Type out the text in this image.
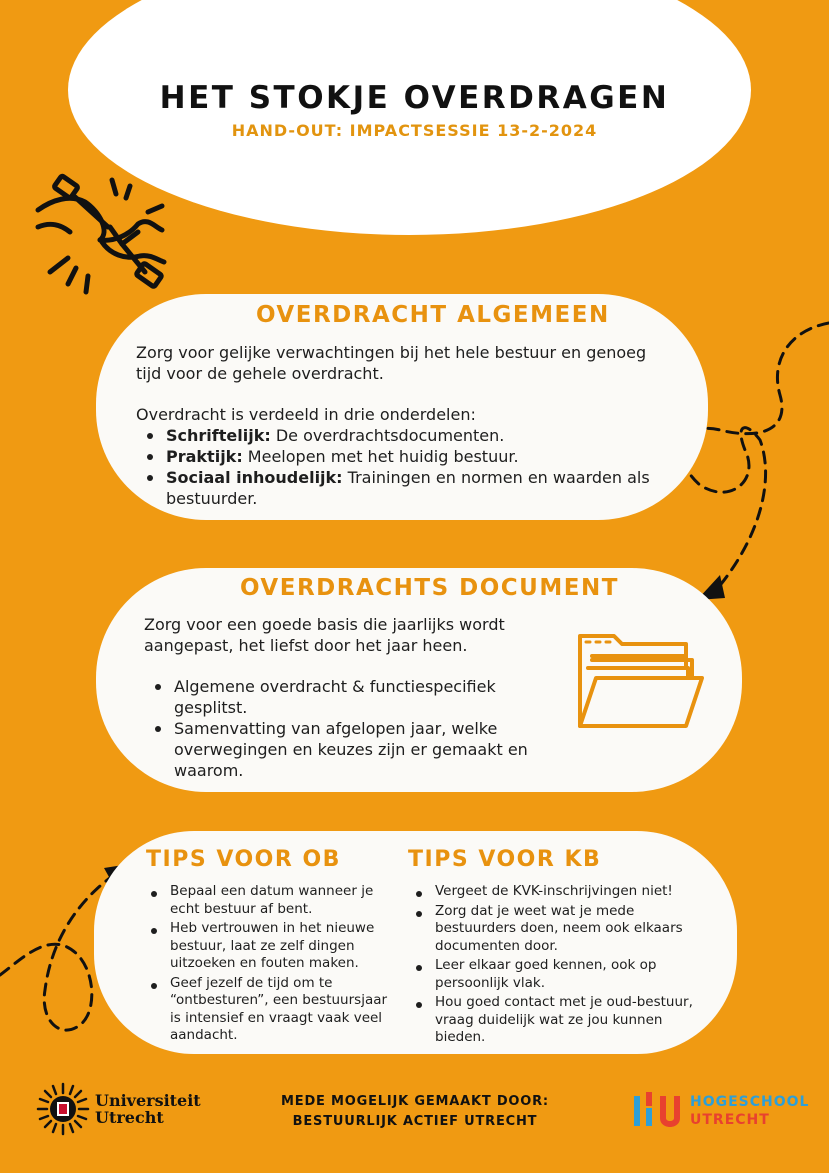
HET STOKJE OVERDRAGEN
HAND-OUT: IMPACTSESSIE 13-2-2024
OVERDRACHT ALGEMEEN
Zorg voor gelijke verwachtingen bij het hele bestuur en genoeg tijd voor de gehele overdracht.
Overdracht is verdeeld in drie onderdelen:
Schriftelijk: De overdrachtsdocumenten.
Praktijk: Meelopen met het huidig bestuur.
Sociaal inhoudelijk: Trainingen en normen en waarden als bestuurder.
OVERDRACHTS DOCUMENT
Zorg voor een goede basis die jaarlijks wordt aangepast, het liefst door het jaar heen.
Algemene overdracht & functiespecifiek gesplitst.
Samenvatting van afgelopen jaar, welke overwegingen en keuzes zijn er gemaakt en waarom.
TIPS VOOR OB	TIPS VOOR KB
Bepaal een datum wanneer je echt bestuur af bent.
Heb vertrouwen in het nieuwe bestuur, laat ze zelf dingen uitzoeken en fouten maken.
Geef jezelf de tijd om te “ontbesturen”, een bestuursjaar is intensief en vraagt vaak veel aandacht.
Vergeet de KVK-inschrijvingen niet!
Zorg dat je weet wat je mede bestuurders doen, neem ook elkaars documenten door.
Leer elkaar goed kennen, ook op persoonlijk vlak.
Hou goed contact met je oud-bestuur, vraag duidelijk wat ze jou kunnen bieden.
Universiteit
Utrecht
MEDE MOGELIJK GEMAAKT DOOR:
BESTUURLIJK ACTIEF UTRECHT
HOGESCHOOL
UTRECHT
